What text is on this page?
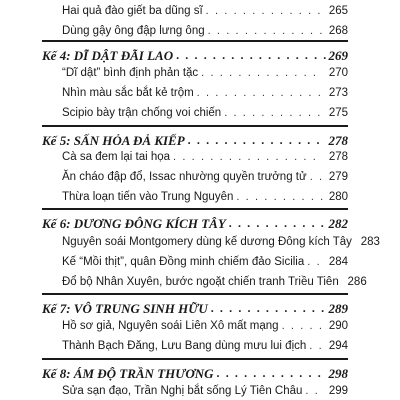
Hai quả đào giết ba dũng sĩ . . .	265
Dùng gậy ông đập lưng ông . . .	268
Kế 4: DĨ DẬT ĐÃI LAO . . .	269
“Dĩ dật” bình định phản tặc . . .	270
Nhìn màu sắc bắt kẻ trộm . . .	273
Scipio bày trận chống voi chiến . . .	275
Kế 5: SẤN HỎA ĐẢ KIẾP . . .	278
Cà sa đem lại tai họa . . .	278
Ăn cháo đập đổ, Issac nhường quyền trưởng tử . . .	279
Thừa loạn tiến vào Trung Nguyên . . .	280
Kế 6: DƯƠNG ĐÔNG KÍCH TÂY . . .	282
Nguyên soái Montgomery dùng kế dương Đông kích Tây 283
Kế “Mồi thịt”, quân Đồng minh chiếm đảo Sicilia . . .	284
Đổ bộ Nhân Xuyên, bước ngoặt chiến tranh Triều Tiên 286
Kế 7: VÔ TRUNG SINH HỮU . . .	289
Hồ sơ giả, Nguyên soái Liên Xô mất mạng . . .	290
Thành Bạch Đăng, Lưu Bang dùng mưu lui địch . . .	294
Kế 8: ÁM ĐỘ TRẦN THƯƠNG . . .	298
Sửa sạn đạo, Trần Nghị bắt sống Lý Tiên Châu . . .	299
